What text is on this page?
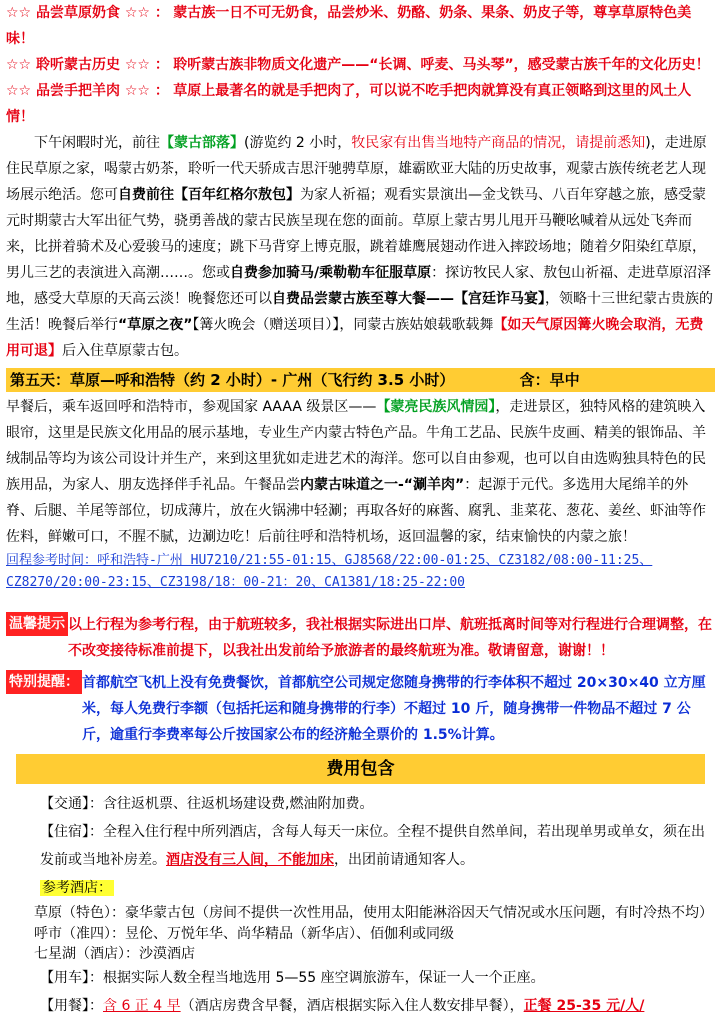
☆☆ 品尝草原奶食 ☆☆ ： 蒙古族一日不可无奶食，品尝炒米、奶酪、奶条、果条、奶皮子等，尊享草原特色美味！

☆☆ 聆听蒙古历史 ☆☆ ： 聆听蒙古族非物质文化遗产——“长调、呼麦、马头琴”，感受蒙古族千年的文化历史！ ☆☆ 品尝手把羊肉 ☆☆ ： 草原上最著名的就是手把肉了，可以说不吃手把肉就算没有真正领略到这里的风土人情！

下午闲暇时光，前往【蒙古部落】(游览约 2 小时，牧民家有出售当地特产商品的情况，请提前悉知)，走进原住民草原之家，喝蒙古奶茶，聆听一代天骄成吉思汗驰骋草原，雄霸欧亚大陆的历史故事，观蒙古族传统老艺人现场展示绝活。您可自费前往【百年红格尔敖包】为家人祈福；观看实景演出—金戈铁马、八百年穿越之旅，感受蒙元时期蒙古大军出征气势，骁勇善战的蒙古民族呈现在您的面前。草原上蒙古男儿甩开马鞭吆喊着从远处飞奔而来，比拼着骑术及心爱骏马的速度；跳下马背穿上博克服，跳着雄鹰展翅动作进入摔跤场地；随着夕阳染红草原，男儿三艺的表演进入高潮……。您或自费参加骑马/乘勒勒车征服草原：探访牧民人家、敖包山祈福、走进草原沼泽地，感受大草原的天高云淡！晚餐您还可以自费品尝蒙古族至尊大餐——【宫廷诈马宴】，领略十三世纪蒙古贵族的生活！晚餐后举行“草原之夜”【篝火晚会（赠送项目）】，同蒙古族姑娘载歌载舞【如天气原因篝火晚会取消，无费用可退】后入住草原蒙古包。

第五天：草原—呼和浩特（约 2 小时）- 广州（飞行约 3.5 小时）	含：早中

早餐后，乘车返回呼和浩特市，参观国家 AAAA 级景区——【蒙亮民族风情园】，走进景区，独特风格的建筑映入眼帘，这里是民族文化用品的展示基地，专业生产内蒙古特色产品。牛角工艺品、民族牛皮画、精美的银饰品、羊绒制品等均为该公司设计并生产，来到这里犹如走进艺术的海洋。您可以自由参观，也可以自由选购独具特色的民族用品，为家人、朋友选择伴手礼品。午餐品尝内蒙古味道之一-“涮羊肉”：起源于元代。多选用大尾绵羊的外脊、后腿、羊尾等部位，切成薄片，放在火锅沸中轻涮；再取各好的麻酱、腐乳、韭菜花、葱花、姜丝、虾油等作佐料，鲜嫩可口，不腥不腻，边涮边吃！后前往呼和浩特机场，返回温馨的家，结束愉快的内蒙之旅！

回程参考时间：呼和浩特-广州 HU7210/21:55-01:15、GJ8568/22:00-01:25、CZ3182/08:00-11:25、CZ8270/20:00-23:15、CZ3198/18：00-21：20、CA1381/18:25-22:00

温馨提示 以上行程为参考行程，由于航班较多，我社根据实际进出口岸、航班抵离时间等对行程进行合理调整，在不改变接待标准前提下，以我社出发前给予旅游者的最终航班为准。敬请留意，谢谢！！
特别提醒： 首都航空飞机上没有免费餐饮，首都航空公司规定您随身携带的行李体积不超过 20×30×40 立方厘米，每人免费行李额（包括托运和随身携带的行李）不超过 10 斤，随身携带一件物品不超过 7 公斤，逾重行李费率每公斤按国家公布的经济舱全票价的 1.5%计算。
费用包含
【交通】：含往返机票、往返机场建设费,燃油附加费。
【住宿】：全程入住行程中所列酒店，含每人每天一床位。全程不提供自然单间，若出现单男或单女，须在出发前或当地补房差。酒店没有三人间，不能加床，出团前请通知客人。
参考酒店：
草原（特色）：豪华蒙古包（房间不提供一次性用品，使用太阳能淋浴因天气情况或水压问题，有时冷热不均）
呼市（准四）：昱伦、万悦年华、尚华精品（新华店）、佰伽利或同级
七星湖（酒店）：沙漠酒店
【用车】：根据实际人数全程当地选用 5—55 座空调旅游车，保证一人一个正座。
【用餐】：含 6 正 4 早（酒店房费含早餐，酒店根据实际入住人数安排早餐），正餐 25-35 元/人/
